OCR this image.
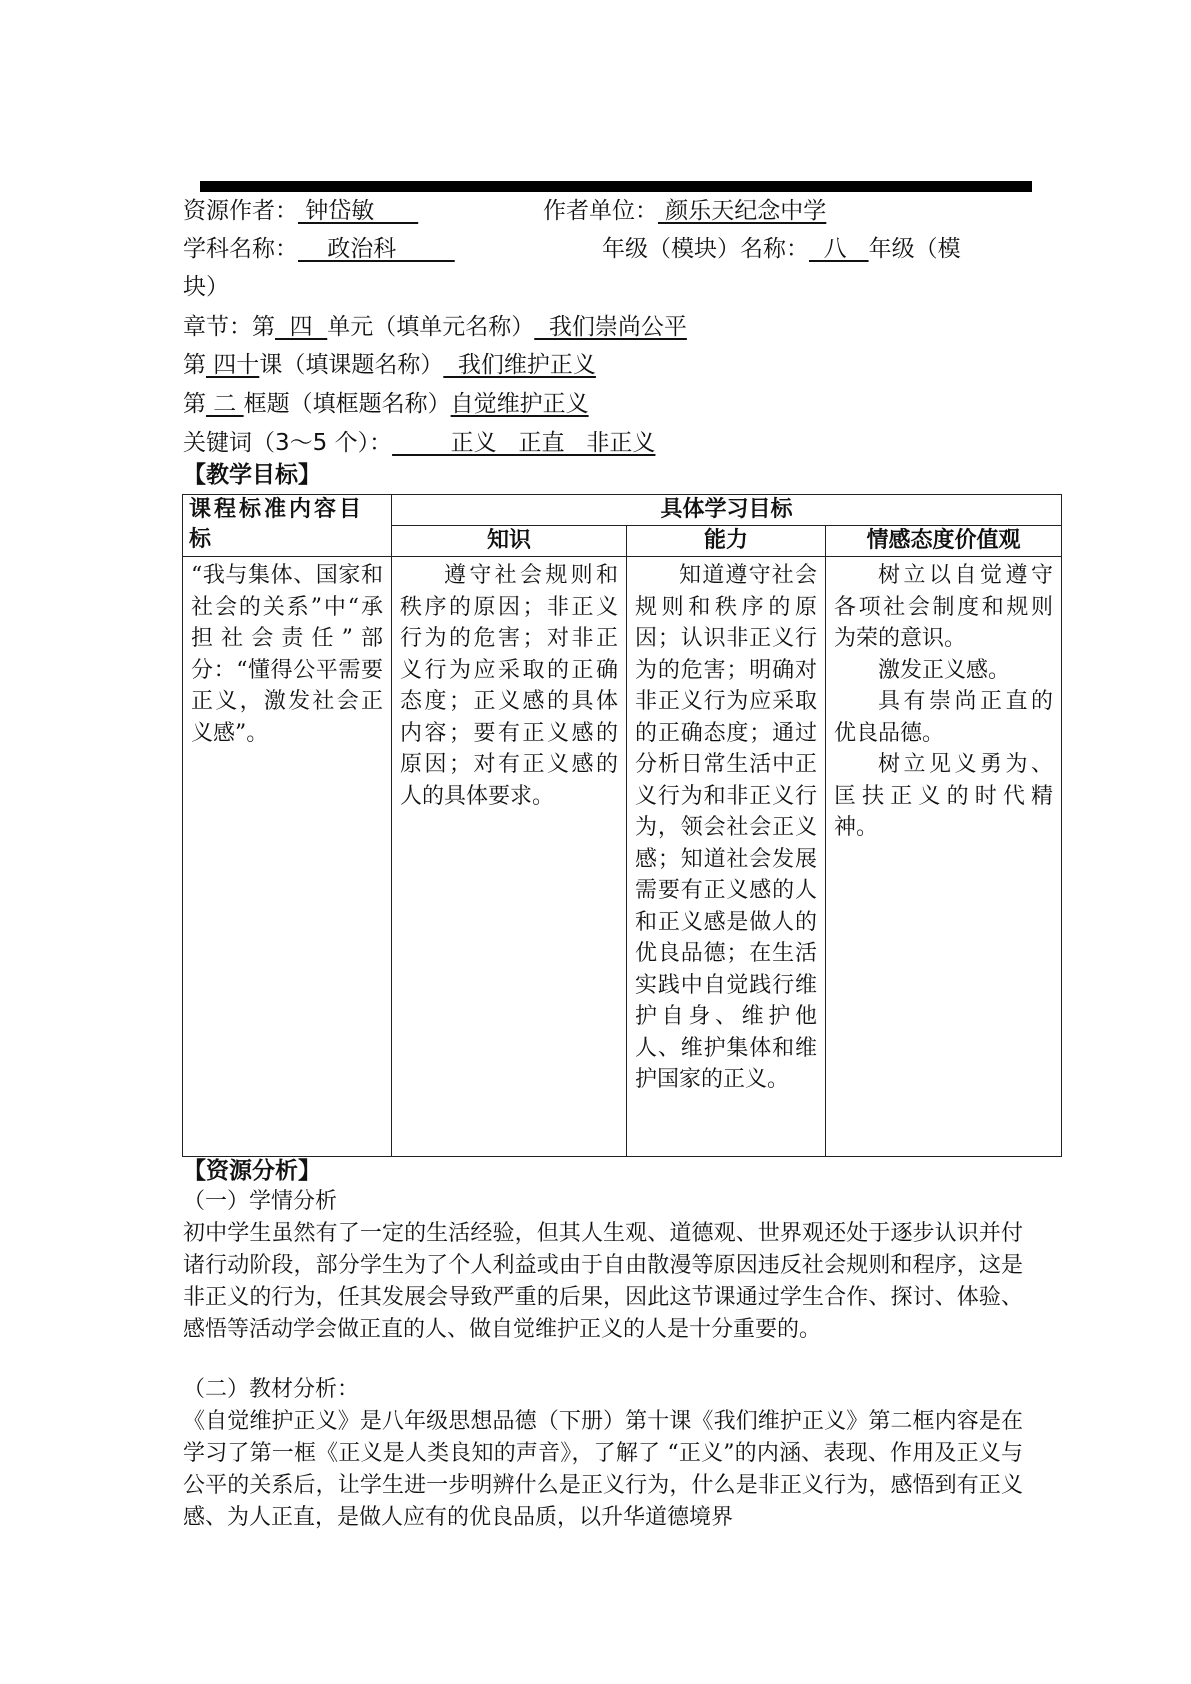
资源作者： 钟岱敏	作者单位： 颜乐天纪念中学
学科名称：    政治科	年级（模块）名称：  八   年级（模
块）
章节：第  四  单元（填单元名称）  我们崇尚公平
第 四十课（填课题名称）  我们维护正义
第 二 框题（填框题名称）自觉维护正义
关键词（3～5 个）：        正义   正直   非正义
【教学目标】
课程标准内容目标	具体学习目标		
	知识	能力	情感态度价值观

“我与集体、国家和社会的关系”中“承担社会责任”部分：“懂得公平需要正义，激发社会正义感”。	遵守社会规则和秩序的原因；非正义行为的危害；对非正义行为应采取的正确态度；正义感的具体内容；要有正义感的原因；对有正义感的人的具体要求。	知道遵守社会规则和秩序的原因；认识非正义行为的危害；明确对非正义行为应采取的正确态度；通过分析日常生活中正义行为和非正义行为，领会社会正义感；知道社会发展需要有正义感的人和正义感是做人的优良品德；在生活实践中自觉践行维护自身、维护他人、维护集体和维护国家的正义。	树立以自觉遵守各项社会制度和规则为荣的意识。

激发正义感。

具有崇尚正直的优良品德。

树立见义勇为、匡扶正义的时代精神。

【资源分析】
（一）学情分析
初中学生虽然有了一定的生活经验，但其人生观、道德观、世界观还处于逐步认识并付诸行动阶段，部分学生为了个人利益或由于自由散漫等原因违反社会规则和程序，这是非正义的行为，任其发展会导致严重的后果，因此这节课通过学生合作、探讨、体验、感悟等活动学会做正直的人、做自觉维护正义的人是十分重要的。
（二）教材分析：
《自觉维护正义》是八年级思想品德（下册）第十课《我们维护正义》第二框内容是在学习了第一框《正义是人类良知的声音》，了解了 “正义”的内涵、表现、作用及正义与公平的关系后，让学生进一步明辨什么是正义行为，什么是非正义行为，感悟到有正义感、为人正直，是做人应有的优良品质，以升华道德境界
